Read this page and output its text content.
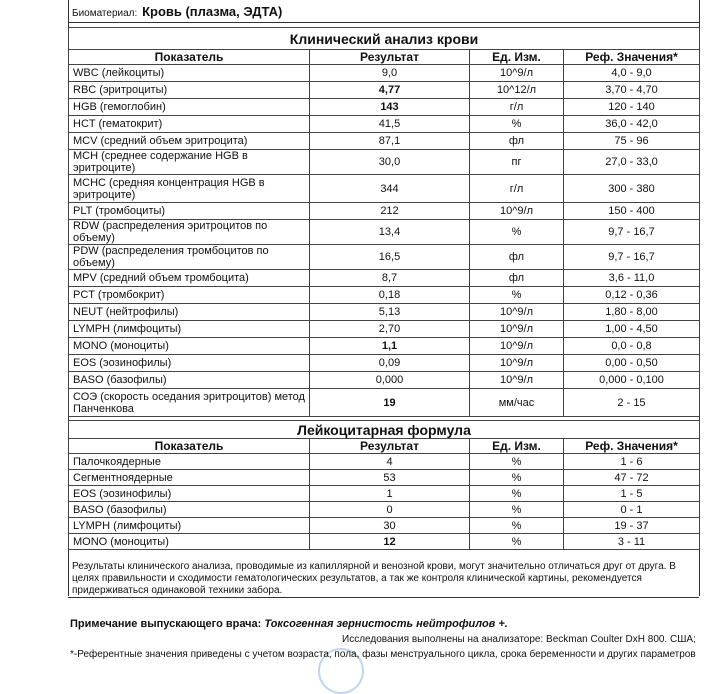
Биоматериал: Кровь (плазма, ЭДТА)
Клинический анализ крови			
Показатель	Результат	Ед. Изм.	Реф. Значения*
WBC (лейкоциты)	9,0	10^9/л	4,0 - 9,0
RBC (эритроциты)	4,77	10^12/л	3,70 - 4,70
HGB (гемоглобин)	143	г/л	120 - 140
HCT (гематокрит)	41,5	%	36,0 - 42,0
MCV (средний объем эритроцита)	87,1	фл	75 - 96
MCH (среднее содержание HGB в эритроците)	30,0	пг	27,0 - 33,0
MCHC (средняя концентрация HGB в эритроците)	344	г/л	300 - 380
PLT (тромбоциты)	212	10^9/л	150 - 400
RDW (распределения эритроцитов по объему)	13,4	%	9,7 - 16,7
PDW (распределения тромбоцитов по объему)	16,5	фл	9,7 - 16,7
MPV (средний объем тромбоцита)	8,7	фл	3,6 - 11,0
PCT (тромбокрит)	0,18	%	0,12 - 0,36
NEUT (нейтрофилы)	5,13	10^9/л	1,80 - 8,00
LYMPH (лимфоциты)	2,70	10^9/л	1,00 - 4,50
MONO (моноциты)	1,1	10^9/л	0,0 - 0,8
EOS (эозинофилы)	0,09	10^9/л	0,00 - 0,50
BASO (базофилы)	0,000	10^9/л	0,000 - 0,100
СОЭ (скорость оседания эритроцитов) метод Панченкова	19	мм/час	2 - 15
Лейкоцитарная формула			
Показатель	Результат	Ед. Изм.	Реф. Значения*
Палочкоядерные	4	%	1 - 6
Сегментноядерные	53	%	47 - 72
EOS (эозинофилы)	1	%	1 - 5
BASO (базофилы)	0	%	0 - 1
LYMPH (лимфоциты)	30	%	19 - 37
MONO (моноциты)	12	%	3 - 11
Результаты клинического анализа, проводимые из капиллярной и венозной крови, могут значительно отличаться друг от друга. В
целях правильности и сходимости гематологических результатов, а так же контроля клинической картины, рекомендуется
придерживаться одинаковой техники забора.
Примечание выпускающего врача: Токсогенная зернистость нейтрофилов +.
Исследования выполнены на анализаторе: Beckman Coulter DxH 800. США;
*-Референтные значения приведены с учетом возраста, пола, фазы менструального цикла, срока беременности и других параметров
